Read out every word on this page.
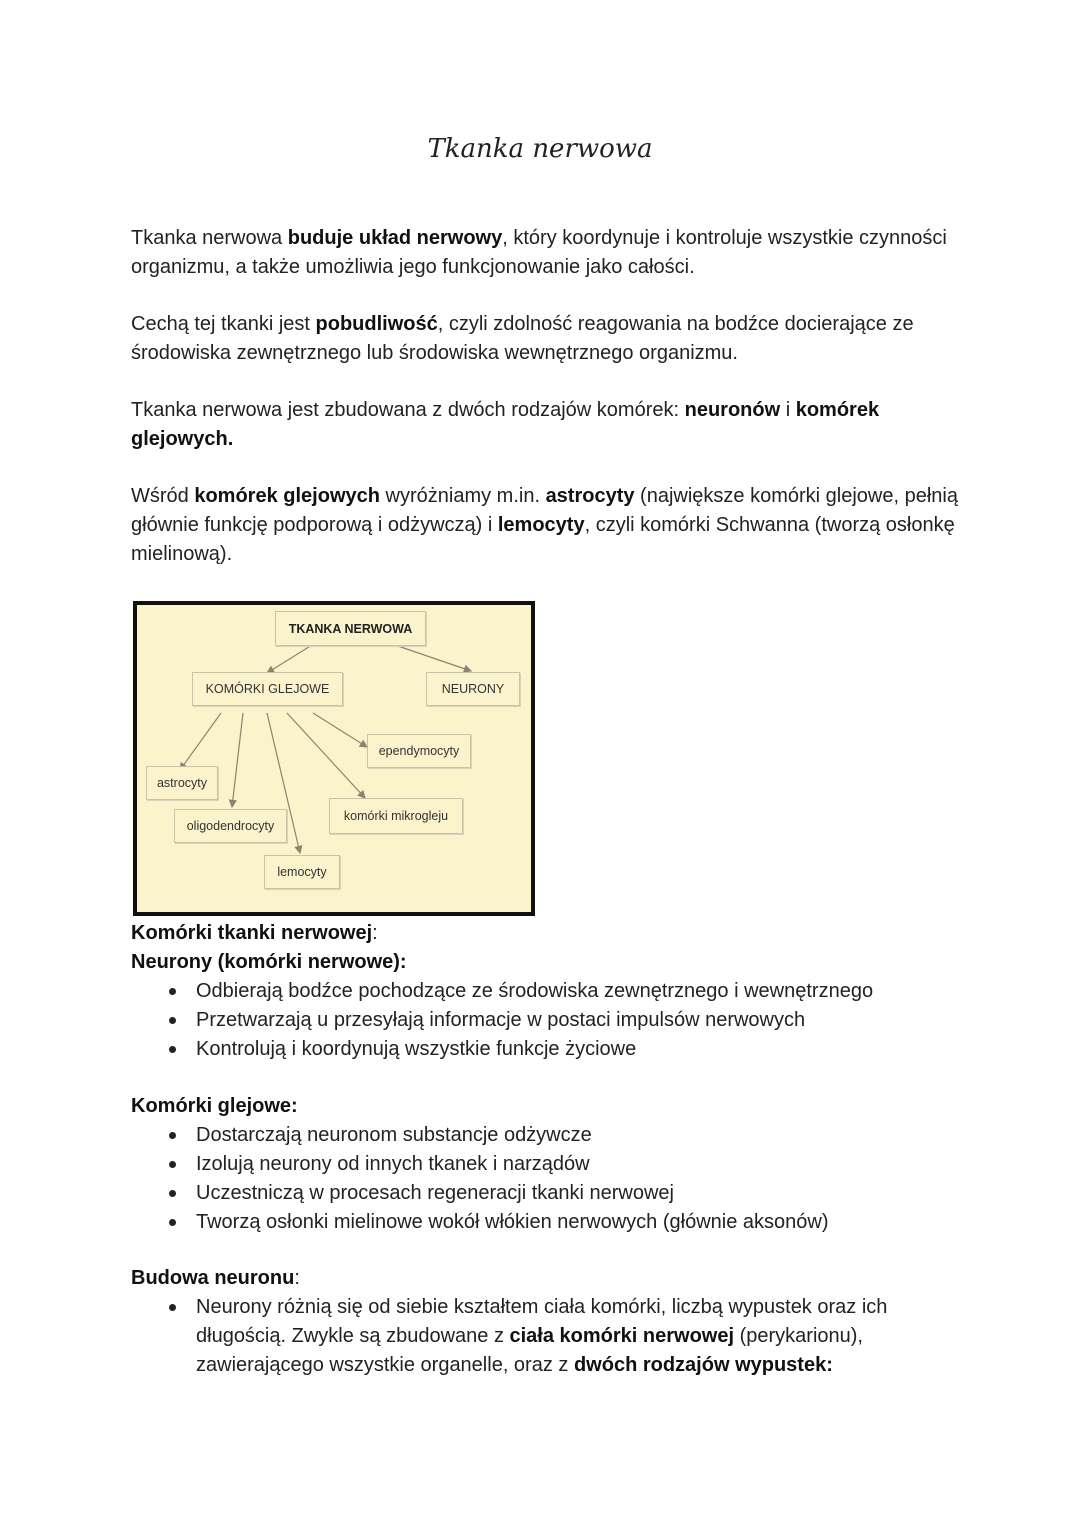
Tkanka nerwowa

Tkanka nerwowa buduje układ nerwowy, który koordynuje i kontroluje wszystkie czynności organizmu, a także umożliwia jego funkcjonowanie jako całości.

Cechą tej tkanki jest pobudliwość, czyli zdolność reagowania na bodźce docierające ze środowiska zewnętrznego lub środowiska wewnętrznego organizmu.

Tkanka nerwowa jest zbudowana z dwóch rodzajów komórek: neuronów i komórek glejowych.

Wśród komórek glejowych wyróżniamy m.in. astrocyty (największe komórki glejowe, pełnią głównie funkcję podporową i odżywczą) i lemocyty, czyli komórki Schwanna (tworzą osłonkę mielinową).

TKANKA NERWOWA
KOMÓRKI GLEJOWE	NEURONY
ependymocyty
astrocyty
komórki mikrogleju
oligodendrocyty
lemocyty
Komórki tkanki nerwowej:
Neurony (komórki nerwowe):
Odbierają bodźce pochodzące ze środowiska zewnętrznego i wewnętrznego
Przetwarzają u przesyłają informacje w postaci impulsów nerwowych
Kontrolują i koordynują wszystkie funkcje życiowe
Komórki glejowe:
Dostarczają neuronom substancje odżywcze
Izolują neurony od innych tkanek i narządów
Uczestniczą w procesach regeneracji tkanki nerwowej
Tworzą osłonki mielinowe wokół włókien nerwowych (głównie aksonów)
Budowa neuronu:
Neurony różnią się od siebie kształtem ciała komórki, liczbą wypustek oraz ich długością. Zwykle są zbudowane z ciała komórki nerwowej (perykarionu), zawierającego wszystkie organelle, oraz z dwóch rodzajów wypustek:
